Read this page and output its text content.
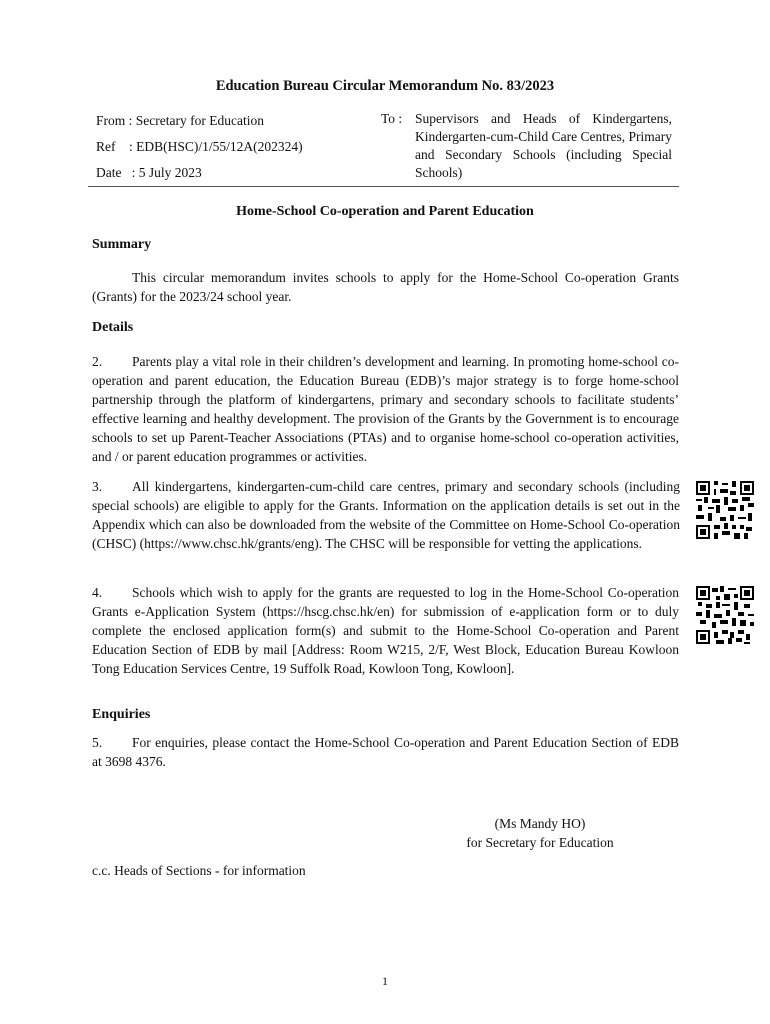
Education Bureau Circular Memorandum No. 83/2023
From : Secretary for Education
Ref    : EDB(HSC)/1/55/12A(202324)
Date   : 5 July 2023
To : Supervisors and Heads of Kindergartens, Kindergarten-cum-Child Care Centres, Primary and Secondary Schools (including Special Schools)
Home-School Co-operation and Parent Education
Summary
This circular memorandum invites schools to apply for the Home-School Co-operation Grants (Grants) for the 2023/24 school year.
Details
2. Parents play a vital role in their children’s development and learning. In promoting home-school co-operation and parent education, the Education Bureau (EDB)’s major strategy is to forge home-school partnership through the platform of kindergartens, primary and secondary schools to facilitate students’ effective learning and healthy development. The provision of the Grants by the Government is to encourage schools to set up Parent-Teacher Associations (PTAs) and to organise home-school co-operation activities, and / or parent education programmes or activities.
3. All kindergartens, kindergarten-cum-child care centres, primary and secondary schools (including special schools) are eligible to apply for the Grants. Information on the application details is set out in the Appendix which can also be downloaded from the website of the Committee on Home-School Co-operation (CHSC) (https://www.chsc.hk/grants/eng). The CHSC will be responsible for vetting the applications.
4. Schools which wish to apply for the grants are requested to log in the Home-School Co-operation Grants e-Application System (https://hscg.chsc.hk/en) for submission of e-application form or to duly complete the enclosed application form(s) and submit to the Home-School Co-operation and Parent Education Section of EDB by mail [Address: Room W215, 2/F, West Block, Education Bureau Kowloon Tong Education Services Centre, 19 Suffolk Road, Kowloon Tong, Kowloon].
Enquiries
5. For enquiries, please contact the Home-School Co-operation and Parent Education Section of EDB at 3698 4376.
(Ms Mandy HO)
for Secretary for Education
c.c. Heads of Sections - for information
1
